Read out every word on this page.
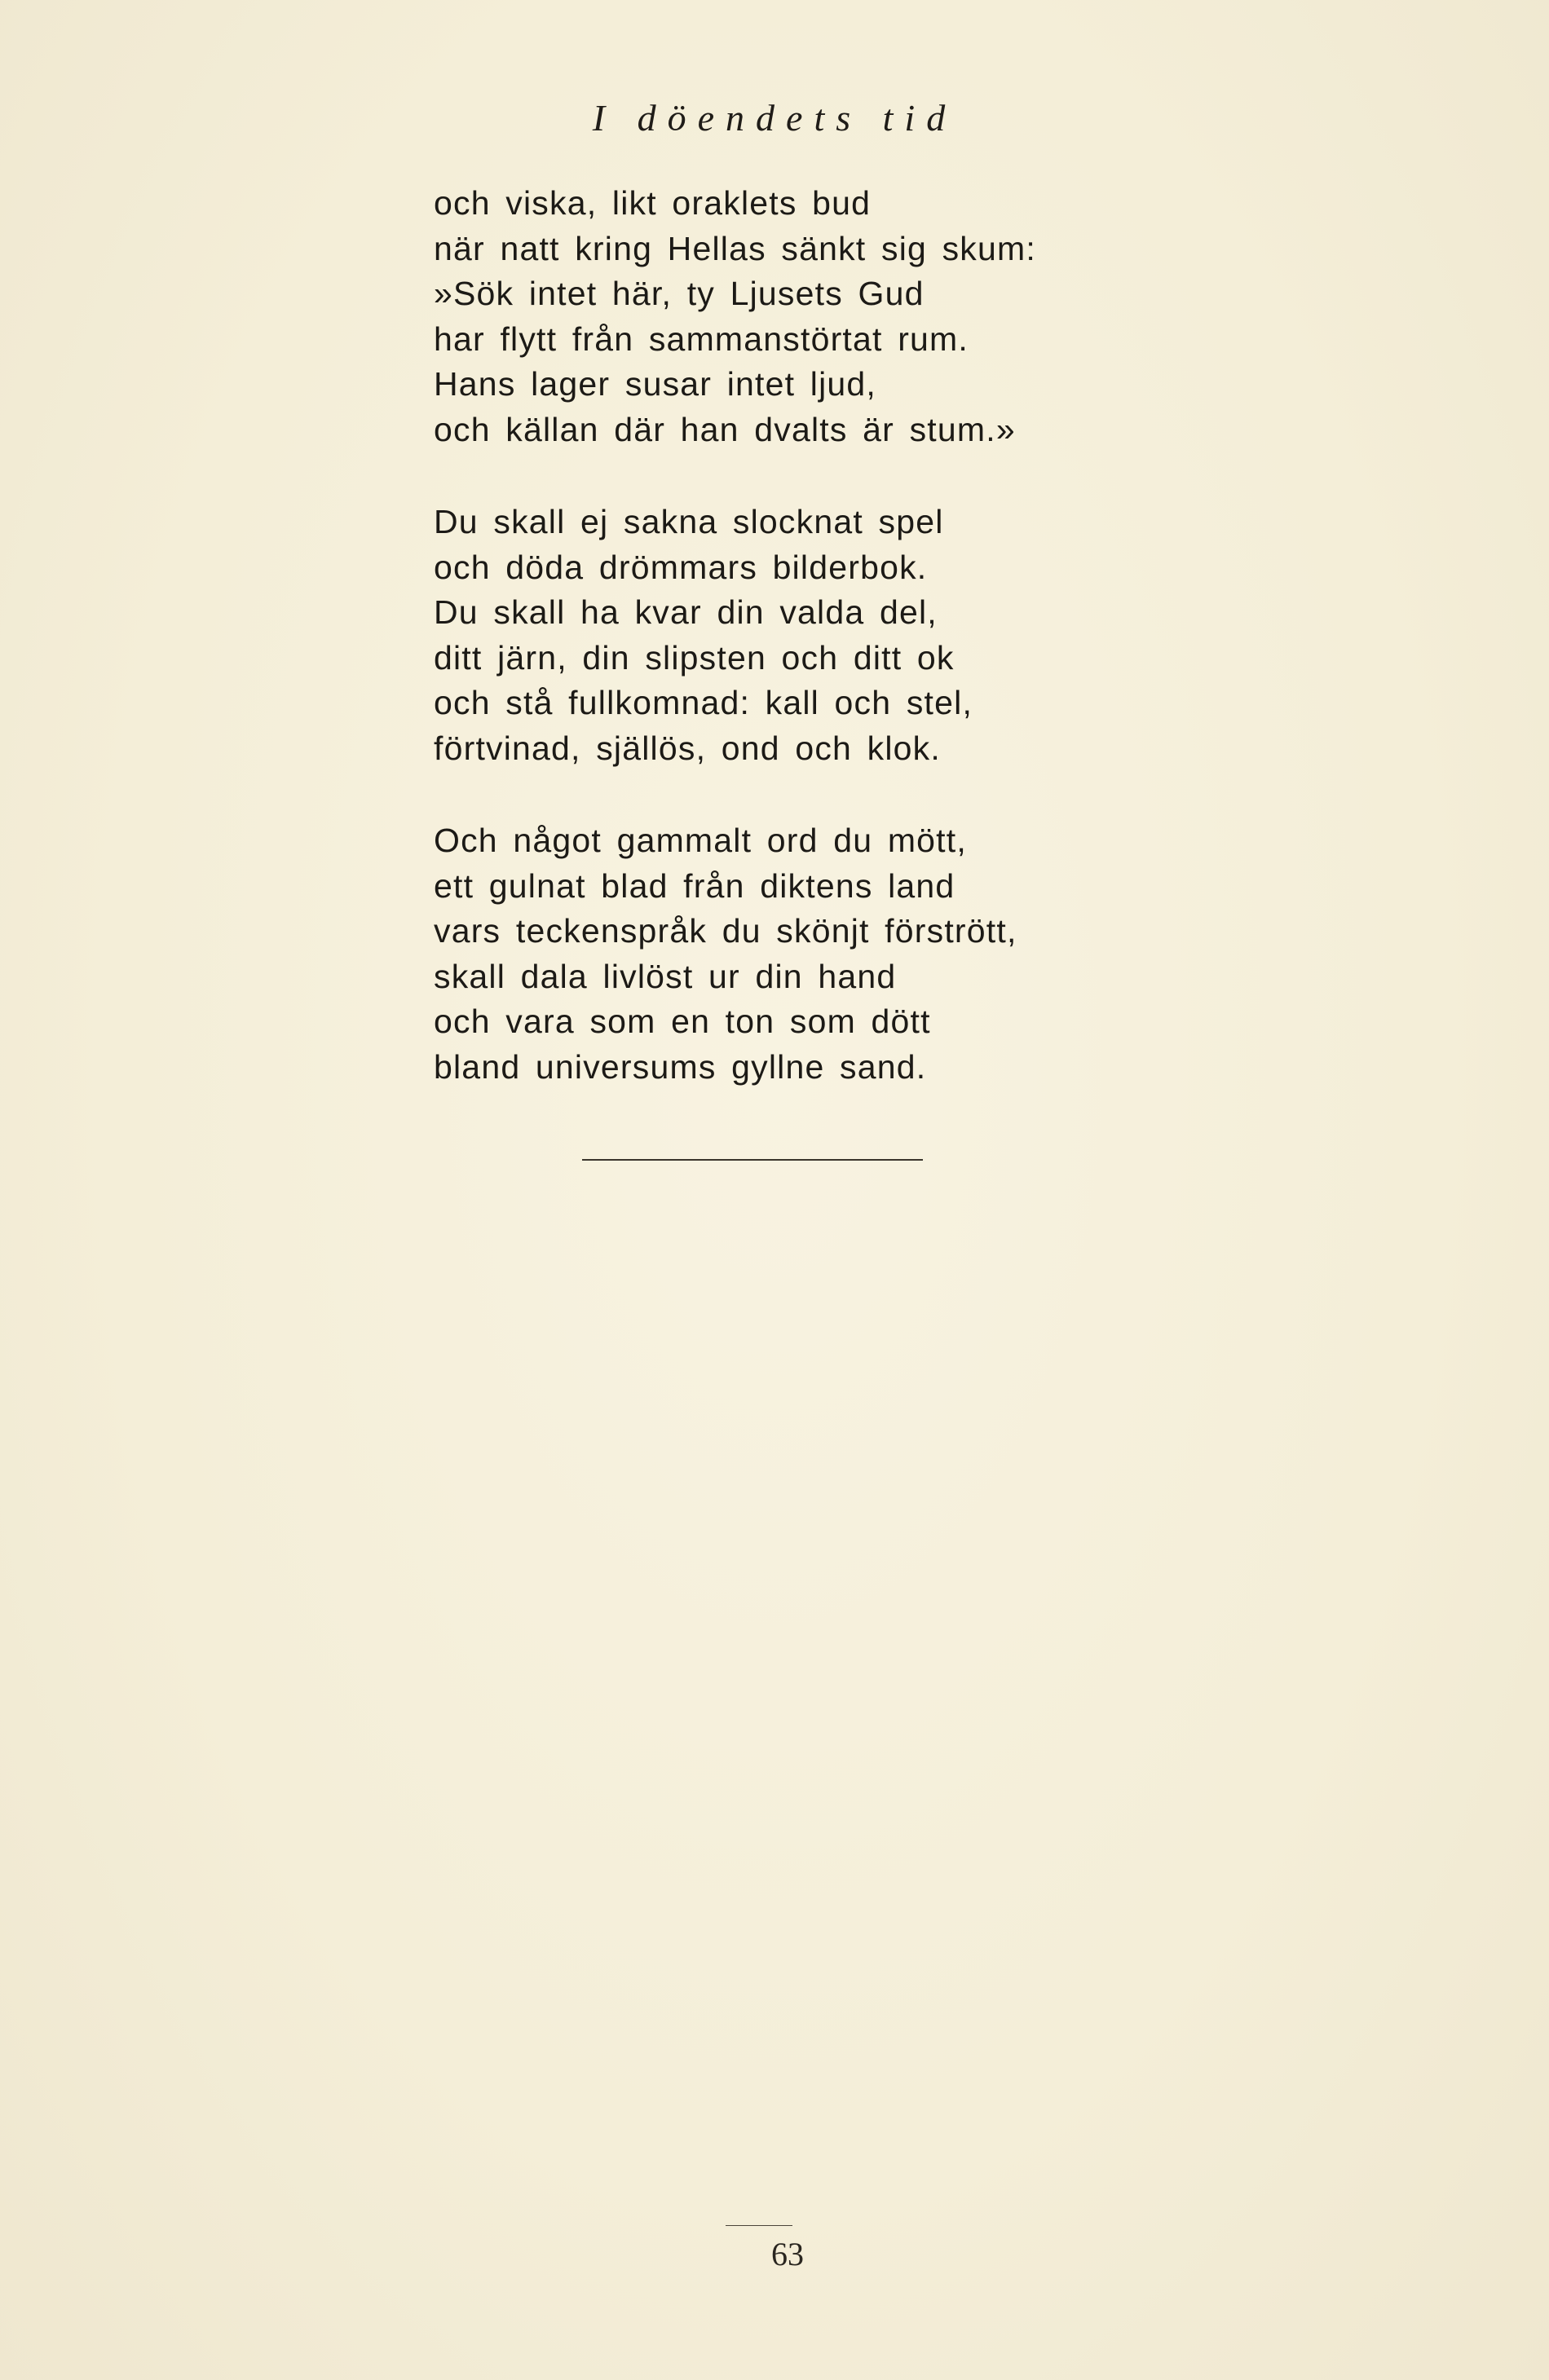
I döendets tid
och viska, likt oraklets bud
när natt kring Hellas sänkt sig skum:
»Sök intet här, ty Ljusets Gud
har flytt från sammanstörtat rum.
Hans lager susar intet ljud,
och källan där han dvalts är stum.»
Du skall ej sakna slocknat spel
och döda drömmars bilderbok.
Du skall ha kvar din valda del,
ditt järn, din slipsten och ditt ok
och stå fullkomnad: kall och stel,
förtvinad, själlös, ond och klok.
Och något gammalt ord du mött,
ett gulnat blad från diktens land
vars teckenspråk du skönjt förstrött,
skall dala livlöst ur din hand
och vara som en ton som dött
bland universums gyllne sand.
63
